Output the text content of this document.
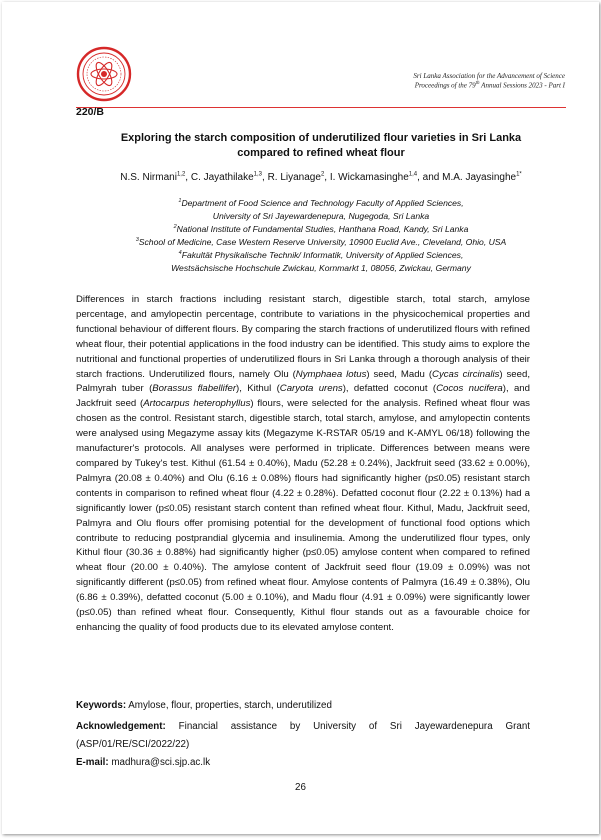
Sri Lanka Association for the Advancement of Science
Proceedings of the 79th Annual Sessions 2023 - Part I
220/B
Exploring the starch composition of underutilized flour varieties in Sri Lanka
compared to refined wheat flour
N.S. Nirmani$^{1,2}$, C. Jayathilake$^{1,3}$, R. Liyanage$^2$, I. Wickamasinghe$^{1,4}$, and M.A. Jayasinghe$^{1*}$
$^1$Department of Food Science and Technology Faculty of Applied Sciences,
University of Sri Jayewardenepura, Nugegoda, Sri Lanka
$^2$National Institute of Fundamental Studies, Hanthana Road, Kandy, Sri Lanka
$^3$School of Medicine, Case Western Reserve University, 10900 Euclid Ave., Cleveland, Ohio, USA
$^4$Fakultät Physikalische Technik/ Informatik, University of Applied Sciences,
Westsächsische Hochschule Zwickau, Kornmarkt 1, 08056, Zwickau, Germany
Differences in starch fractions including resistant starch, digestible starch, total starch, amylose percentage, and amylopectin percentage, contribute to variations in the physicochemical properties and functional behaviour of different flours. By comparing the starch fractions of underutilized flours with refined wheat flour, their potential applications in the food industry can be identified. This study aims to explore the nutritional and functional properties of underutilized flours in Sri Lanka through a thorough analysis of their starch fractions. Underutilized flours, namely Olu (Nymphaea lotus) seed, Madu (Cycas circinalis) seed, Palmyrah tuber (Borassus flabellifer), Kithul (Caryota urens), defatted coconut (Cocos nucifera), and Jackfruit seed (Artocarpus heterophyllus) flours, were selected for the analysis. Refined wheat flour was chosen as the control. Resistant starch, digestible starch, total starch, amylose, and amylopectin contents were analysed using Megazyme assay kits (Megazyme K-RSTAR 05/19 and K-AMYL 06/18) following the manufacturer's protocols. All analyses were performed in triplicate. Differences between means were compared by Tukey's test. Kithul (61.54 ± 0.40%), Madu (52.28 ± 0.24%), Jackfruit seed (33.62 ± 0.00%), Palmyra (20.08 ± 0.40%) and Olu (6.16 ± 0.08%) flours had significantly higher (p≤0.05) resistant starch contents in comparison to refined wheat flour (4.22 ± 0.28%). Defatted coconut flour (2.22 ± 0.13%) had a significantly lower (p≤0.05) resistant starch content than refined wheat flour. Kithul, Madu, Jackfruit seed, Palmyra and Olu flours offer promising potential for the development of functional food options which contribute to reducing postprandial glycemia and insulinemia. Among the underutilized flour types, only Kithul flour (30.36 ± 0.88%) had significantly higher (p≤0.05) amylose content when compared to refined wheat flour (20.00 ± 0.40%). The amylose content of Jackfruit seed flour (19.09 ± 0.09%) was not significantly different (p≤0.05) from refined wheat flour. Amylose contents of Palmyra (16.49 ± 0.38%), Olu (6.86 ± 0.39%), defatted coconut (5.00 ± 0.10%), and Madu flour (4.91 ± 0.09%) were significantly lower (p≤0.05) than refined wheat flour. Consequently, Kithul flour stands out as a favourable choice for enhancing the quality of food products due to its elevated amylose content.
Keywords: Amylose, flour, properties, starch, underutilized
Acknowledgement: Financial assistance by University of Sri Jayewardenepura Grant (ASP/01/RE/SCI/2022/22)
E-mail: madhura@sci.sjp.ac.lk
26
